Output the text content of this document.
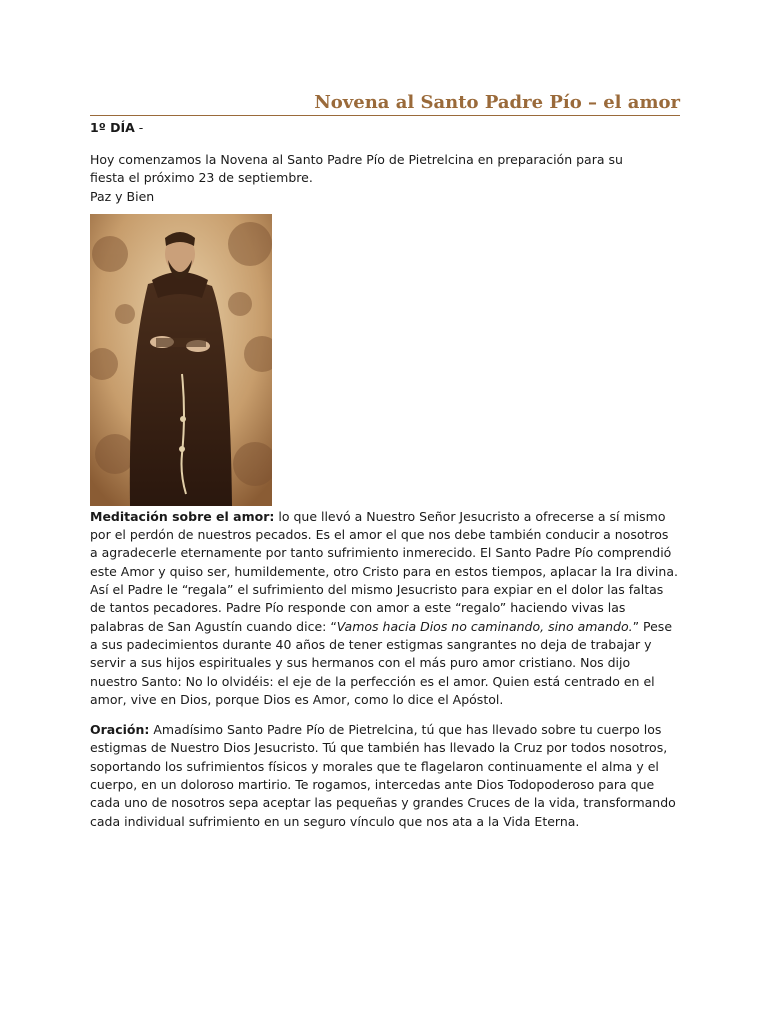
Novena al Santo Padre Pío – el amor
1º DÍA -

Hoy comenzamos la Novena al Santo Padre Pío de Pietrelcina en preparación para su
fiesta el próximo 23 de septiembre.
Paz y Bien

Meditación sobre el amor: lo que llevó a Nuestro Señor Jesucristo a ofrecerse a sí mismo por el perdón de nuestros pecados. Es el amor el que nos debe también conducir a nosotros a agradecerle eternamente por tanto sufrimiento inmerecido. El Santo Padre Pío comprendió este Amor y quiso ser, humildemente, otro Cristo para en estos tiempos, aplacar la Ira divina. Así el Padre le “regala” el sufrimiento del mismo Jesucristo para expiar en el dolor las faltas de tantos pecadores. Padre Pío responde con amor a este “regalo” haciendo vivas las palabras de San Agustín cuando dice: “Vamos hacia Dios no caminando, sino amando.” Pese a sus padecimientos durante 40 años de tener estigmas sangrantes no deja de trabajar y servir a sus hijos espirituales y sus hermanos con el más puro amor cristiano. Nos dijo nuestro Santo: No lo olvidéis: el eje de la perfección es el amor. Quien está centrado en el amor, vive en Dios, porque Dios es Amor, como lo dice el Apóstol.

Oración: Amadísimo Santo Padre Pío de Pietrelcina, tú que has llevado sobre tu cuerpo los estigmas de Nuestro Dios Jesucristo. Tú que también has llevado la Cruz por todos nosotros, soportando los sufrimientos físicos y morales que te flagelaron continuamente el alma y el cuerpo, en un doloroso martirio. Te rogamos, intercedas ante Dios Todopoderoso para que cada uno de nosotros sepa aceptar las pequeñas y grandes Cruces de la vida, transformando cada individual sufrimiento en un seguro vínculo que nos ata a la Vida Eterna.
